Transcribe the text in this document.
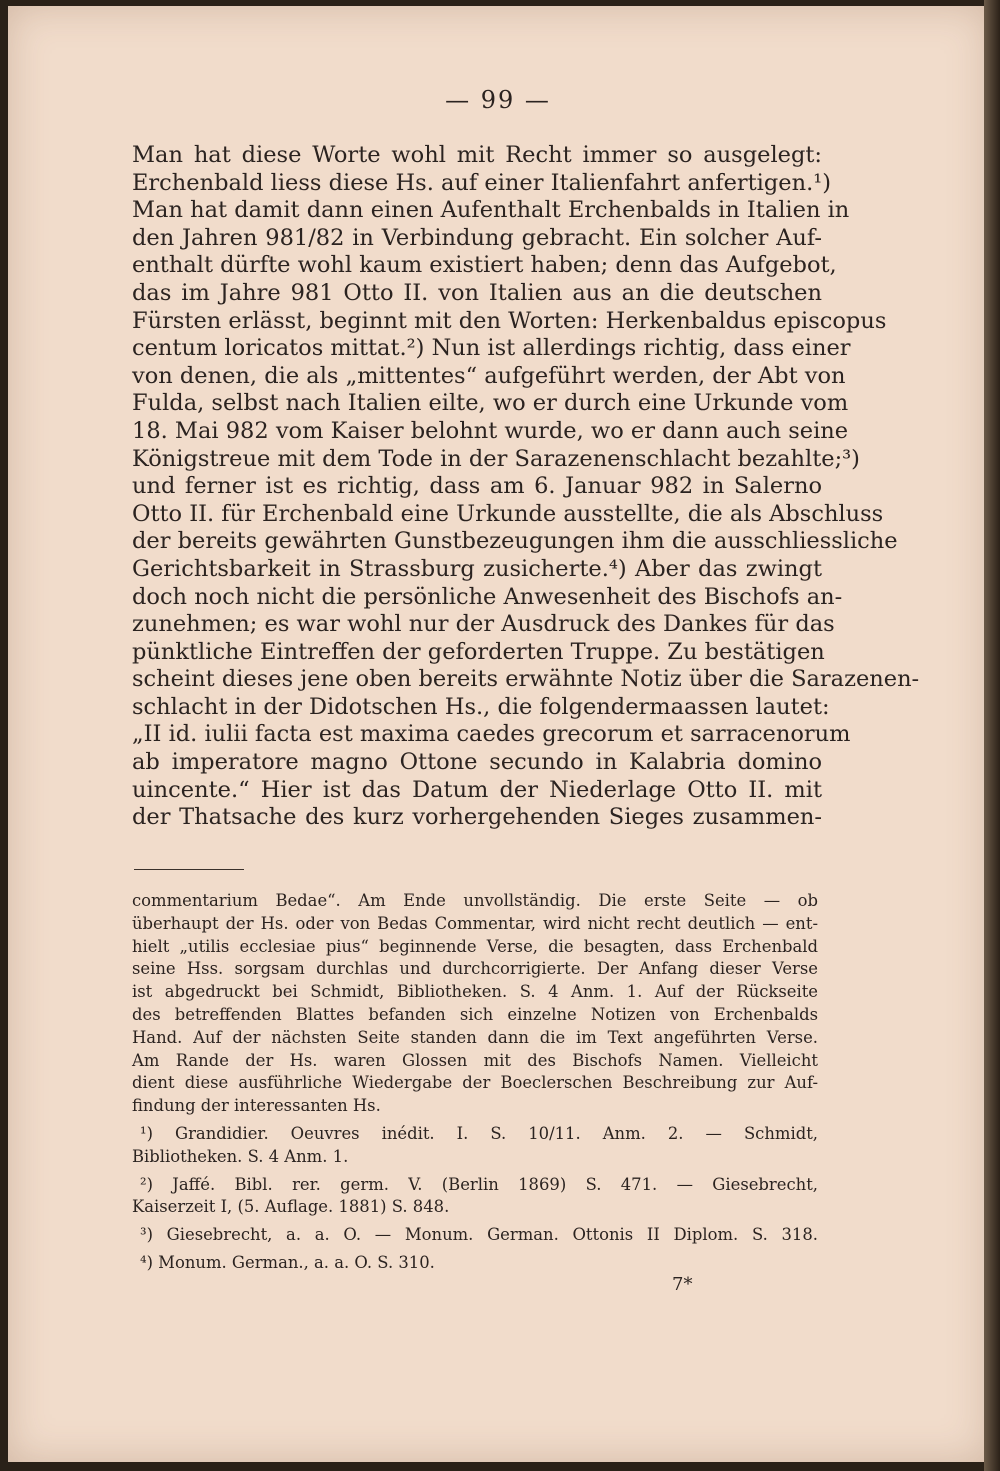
— 99 —
Man hat diese Worte wohl mit Recht immer so ausgelegt:
Erchenbald liess diese Hs. auf einer Italienfahrt anfertigen.¹)
Man hat damit dann einen Aufenthalt Erchenbalds in Italien in
den Jahren 981/82 in Verbindung gebracht. Ein solcher Auf-
enthalt dürfte wohl kaum existiert haben; denn das Aufgebot,
das im Jahre 981 Otto II. von Italien aus an die deutschen
Fürsten erlässt, beginnt mit den Worten: Herkenbaldus episcopus
centum loricatos mittat.²) Nun ist allerdings richtig, dass einer
von denen, die als „mittentes“ aufgeführt werden, der Abt von
Fulda, selbst nach Italien eilte, wo er durch eine Urkunde vom
18. Mai 982 vom Kaiser belohnt wurde, wo er dann auch seine
Königstreue mit dem Tode in der Sarazenenschlacht bezahlte;³)
und ferner ist es richtig, dass am 6. Januar 982 in Salerno
Otto II. für Erchenbald eine Urkunde ausstellte, die als Abschluss
der bereits gewährten Gunstbezeugungen ihm die ausschliessliche
Gerichtsbarkeit in Strassburg zusicherte.⁴) Aber das zwingt
doch noch nicht die persönliche Anwesenheit des Bischofs an-
zunehmen; es war wohl nur der Ausdruck des Dankes für das
pünktliche Eintreffen der geforderten Truppe. Zu bestätigen
scheint dieses jene oben bereits erwähnte Notiz über die Sarazenen-
schlacht in der Didotschen Hs., die folgendermaassen lautet:
„II id. iulii facta est maxima caedes grecorum et sarracenorum
ab imperatore magno Ottone secundo in Kalabria domino
uincente.“ Hier ist das Datum der Niederlage Otto II. mit
der Thatsache des kurz vorhergehenden Sieges zusammen-
commentarium Bedae“. Am Ende unvollständig. Die erste Seite — ob
überhaupt der Hs. oder von Bedas Commentar, wird nicht recht deutlich — ent-
hielt „utilis ecclesiae pius“ beginnende Verse, die besagten, dass Erchenbald
seine Hss. sorgsam durchlas und durchcorrigierte. Der Anfang dieser Verse
ist abgedruckt bei Schmidt, Bibliotheken. S. 4 Anm. 1. Auf der Rückseite
des betreffenden Blattes befanden sich einzelne Notizen von Erchenbalds
Hand. Auf der nächsten Seite standen dann die im Text angeführten Verse.
Am Rande der Hs. waren Glossen mit des Bischofs Namen. Vielleicht
dient diese ausführliche Wiedergabe der Boeclerschen Beschreibung zur Auf-
findung der interessanten Hs.
¹) Grandidier. Oeuvres inédit. I. S. 10/11. Anm. 2. — Schmidt,
Bibliotheken. S. 4 Anm. 1.
²) Jaffé. Bibl. rer. germ. V. (Berlin 1869) S. 471. — Giesebrecht,
Kaiserzeit I, (5. Auflage. 1881) S. 848.
³) Giesebrecht, a. a. O. — Monum. German. Ottonis II Diplom. S. 318.
⁴) Monum. German., a. a. O. S. 310.
7*
